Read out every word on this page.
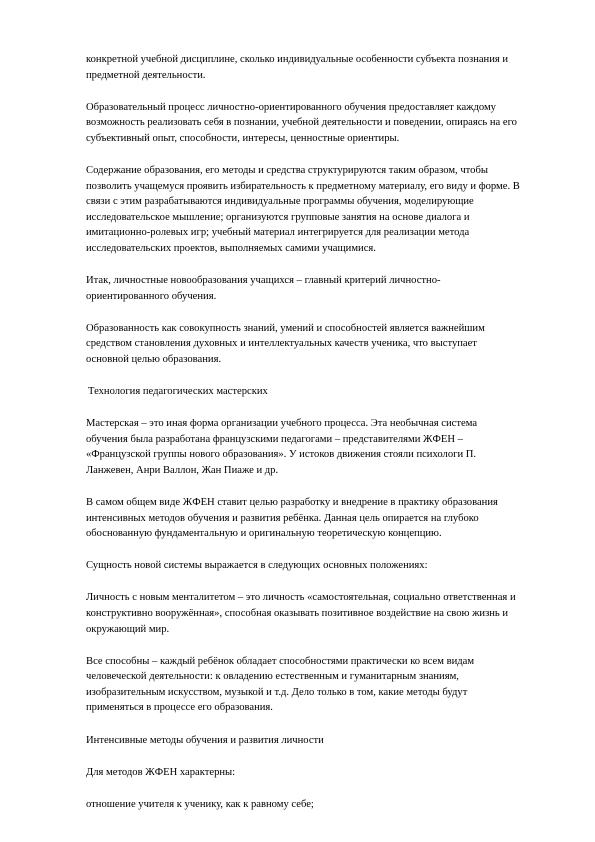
конкретной учебной дисциплине, сколько индивидуальные особенности субъекта познания и предметной деятельности.

Образовательный процесс личностно-ориентированного обучения предоставляет каждому возможность реализовать себя в познании, учебной деятельности и поведении, опираясь на его субъективный опыт, способности, интересы, ценностные ориентиры.

Содержание образования, его методы и средства структурируются таким образом, чтобы позволить учащемуся проявить избирательность к предметному материалу, его виду и форме. В связи с этим разрабатываются индивидуальные программы обучения, моделирующие исследовательское мышление; организуются групповые занятия на основе диалога и имитационно-ролевых игр; учебный материал интегрируется для реализации метода исследовательских проектов, выполняемых самими учащимися.

Итак, личностные новообразования учащихся – главный критерий личностно-ориентированного обучения.

Образованность как совокупность знаний, умений и способностей является важнейшим средством становления духовных и интеллектуальных качеств ученика, что выступает основной целью образования.

Технология педагогических мастерских

Мастерская – это иная форма организации учебного процесса. Эта необычная система обучения была разработана французскими педагогами – представителями ЖФЕН – «Французской группы нового образования». У истоков движения стояли психологи П. Ланжевен, Анри Валлон, Жан Пиаже и др.

В самом общем виде ЖФЕН ставит целью разработку и внедрение в практику образования интенсивных методов обучения и развития ребёнка. Данная цель опирается на глубоко обоснованную фундаментальную и оригинальную теоретическую концепцию.

Сущность новой системы выражается в следующих основных положениях:

Личность с новым менталитетом – это личность «самостоятельная, социально ответственная и конструктивно вооружённая», способная оказывать позитивное воздействие на свою жизнь и окружающий мир.

Все способны – каждый ребёнок обладает способностями практически ко всем видам человеческой деятельности: к овладению естественным и гуманитарным знаниям, изобразительным искусством, музыкой и т.д. Дело только в том, какие методы будут применяться в процессе его образования.

Интенсивные методы обучения и развития личности

Для методов ЖФЕН характерны:

отношение учителя к ученику, как к равному себе;
